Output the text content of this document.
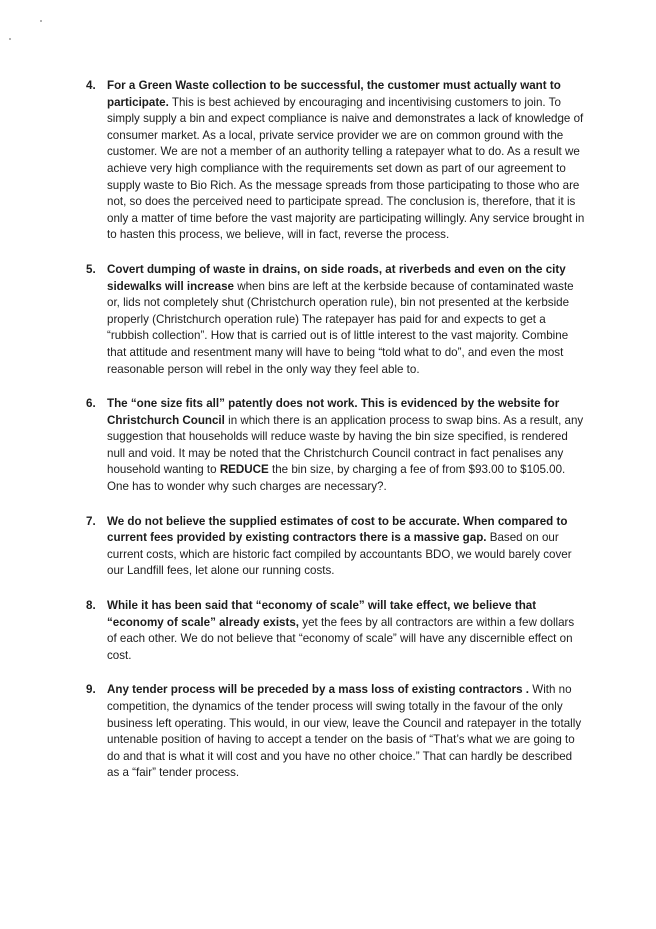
4. For a Green Waste collection to be successful, the customer must actually want to participate. This is best achieved by encouraging and incentivising customers to join. To simply supply a bin and expect compliance is naive and demonstrates a lack of knowledge of consumer market. As a local, private service provider we are on common ground with the customer. We are not a member of an authority telling a ratepayer what to do. As a result we achieve very high compliance with the requirements set down as part of our agreement to supply waste to Bio Rich. As the message spreads from those participating to those who are not, so does the perceived need to participate spread. The conclusion is, therefore, that it is only a matter of time before the vast majority are participating willingly. Any service brought in to hasten this process, we believe, will in fact, reverse the process.
5. Covert dumping of waste in drains, on side roads, at riverbeds and even on the city sidewalks will increase when bins are left at the kerbside because of contaminated waste or, lids not completely shut (Christchurch operation rule), bin not presented at the kerbside properly (Christchurch operation rule) The ratepayer has paid for and expects to get a “rubbish collection”. How that is carried out is of little interest to the vast majority. Combine that attitude and resentment many will have to being “told what to do”, and even the most reasonable person will rebel in the only way they feel able to.
6. The “one size fits all” patently does not work. This is evidenced by the website for Christchurch Council in which there is an application process to swap bins. As a result, any suggestion that households will reduce waste by having the bin size specified, is rendered null and void. It may be noted that the Christchurch Council contract in fact penalises any household wanting to REDUCE the bin size, by charging a fee of from $93.00 to $105.00. One has to wonder why such charges are necessary?.
7. We do not believe the supplied estimates of cost to be accurate. When compared to current fees provided by existing contractors there is a massive gap. Based on our current costs, which are historic fact compiled by accountants BDO, we would barely cover our Landfill fees, let alone our running costs.
8. While it has been said that “economy of scale” will take effect, we believe that “economy of scale” already exists, yet the fees by all contractors are within a few dollars of each other. We do not believe that “economy of scale” will have any discernible effect on cost.
9. Any tender process will be preceded by a mass loss of existing contractors . With no competition, the dynamics of the tender process will swing totally in the favour of the only business left operating. This would, in our view, leave the Council and ratepayer in the totally untenable position of having to accept a tender on the basis of “That’s what we are going to do and that is what it will cost and you have no other choice.” That can hardly be described as a “fair” tender process.
